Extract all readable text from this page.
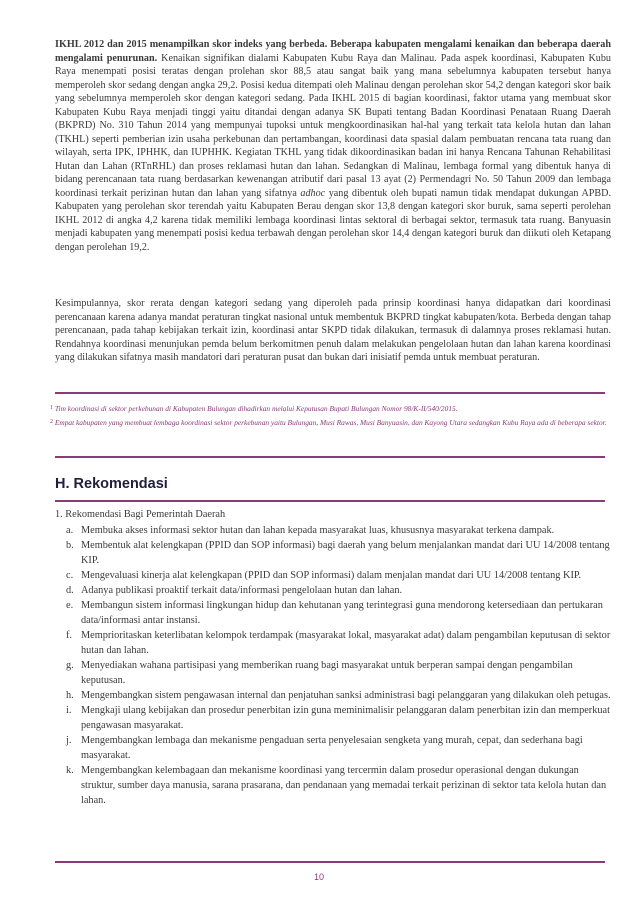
IKHL 2012 dan 2015 menampilkan skor indeks yang berbeda. Beberapa kabupaten mengalami kenaikan dan beberapa daerah mengalami penurunan. Kenaikan signifikan dialami Kabupaten Kubu Raya dan Malinau. Pada aspek koordinasi, Kabupaten Kubu Raya menempati posisi teratas dengan prolehan skor 88,5 atau sangat baik yang mana sebelumnya kabupaten tersebut hanya memperoleh skor sedang dengan angka 29,2. Posisi kedua ditempati oleh Malinau dengan perolehan skor 54,2 dengan kategori skor baik yang sebelumnya memperoleh skor dengan kategori sedang. Pada IKHL 2015 di bagian koordinasi, faktor utama yang membuat skor Kabupaten Kubu Raya menjadi tinggi yaitu ditandai dengan adanya SK Bupati tentang Badan Koordinasi Penataan Ruang Daerah (BKPRD) No. 310 Tahun 2014 yang mempunyai tupoksi untuk mengkoordinasikan hal-hal yang terkait tata kelola hutan dan lahan (TKHL) seperti pemberian izin usaha perkebunan dan pertambangan, koordinasi data spasial dalam pembuatan rencana tata ruang dan wilayah, serta IPK, IPHHK, dan IUPHHK. Kegiatan TKHL yang tidak dikoordinasikan badan ini hanya Rencana Tahunan Rehabilitasi Hutan dan Lahan (RTnRHL) dan proses reklamasi hutan dan lahan. Sedangkan di Malinau, lembaga formal yang dibentuk hanya di bidang perencanaan tata ruang berdasarkan kewenangan atributif dari pasal 13 ayat (2) Permendagri No. 50 Tahun 2009 dan lembaga koordinasi terkait perizinan hutan dan lahan yang sifatnya adhoc yang dibentuk oleh bupati namun tidak mendapat dukungan APBD. Kabupaten yang perolehan skor terendah yaitu Kabupaten Berau dengan skor 13,8 dengan kategori skor buruk, sama seperti perolehan IKHL 2012 di angka 4,2 karena tidak memiliki lembaga koordinasi lintas sektoral di berbagai sektor, termasuk tata ruang. Banyuasin menjadi kabupaten yang menempati posisi kedua terbawah dengan perolehan skor 14,4 dengan kategori buruk dan diikuti oleh Ketapang dengan perolehan 19,2.

Kesimpulannya, skor rerata dengan kategori sedang yang diperoleh pada prinsip koordinasi hanya didapatkan dari koordinasi perencanaan karena adanya mandat peraturan tingkat nasional untuk membentuk BKPRD tingkat kabupaten/kota. Berbeda dengan tahap perencanaan, pada tahap kebijakan terkait izin, koordinasi antar SKPD tidak dilakukan, termasuk di dalamnya proses reklamasi hutan. Rendahnya koordinasi menunjukan pemda belum berkomitmen penuh dalam melakukan pengelolaan hutan dan lahan karena koordinasi yang dilakukan sifatnya masih mandatori dari peraturan pusat dan bukan dari inisiatif pemda untuk membuat peraturan.

$^1$ Tim koordinasi di sektor perkebunan di Kabupaten Bulungan dihadirkan melalui Keputusan Bupati Bulungan Nomor 98/K-II/540/2015.

$^2$ Empat kabupaten yang membuat lembaga koordinasi sektor perkebunan yaitu Bulungan, Musi Rawas, Musi Banyuasin, dan Kayong Utara sedangkan Kubu Raya ada di beberapa sektor.

H. Rekomendasi

1. Rekomendasi Bagi Pemerintah Daerah

a. Membuka akses informasi sektor hutan dan lahan kepada masyarakat luas, khususnya masyarakat terkena dampak.
b. Membentuk alat kelengkapan (PPID dan SOP informasi) bagi daerah yang belum menjalankan mandat dari UU 14/2008 tentang KIP.
c. Mengevaluasi kinerja alat kelengkapan (PPID dan SOP informasi) dalam menjalan mandat dari UU 14/2008 tentang KIP.
d. Adanya publikasi proaktif terkait data/informasi pengelolaan hutan dan lahan.
e. Membangun sistem informasi lingkungan hidup dan kehutanan yang terintegrasi guna mendorong ketersediaan dan pertukaran data/informasi antar instansi.
f. Memprioritaskan keterlibatan kelompok terdampak (masyarakat lokal, masyarakat adat) dalam pengambilan keputusan di sektor hutan dan lahan.
g. Menyediakan wahana partisipasi yang memberikan ruang bagi masyarakat untuk berperan sampai dengan pengambilan keputusan.
h. Mengembangkan sistem pengawasan internal dan penjatuhan sanksi administrasi bagi pelanggaran yang dilakukan oleh petugas.
i. Mengkaji ulang kebijakan dan prosedur penerbitan izin guna meminimalisir pelanggaran dalam penerbitan izin dan memperkuat pengawasan masyarakat.
j. Mengembangkan lembaga dan mekanisme pengaduan serta penyelesaian sengketa yang murah, cepat, dan sederhana bagi masyarakat.
k. Mengembangkan kelembagaan dan mekanisme koordinasi yang tercermin dalam prosedur operasional dengan dukungan struktur, sumber daya manusia, sarana prasarana, dan pendanaan yang memadai terkait perizinan di sektor tata kelola hutan dan lahan.

10
